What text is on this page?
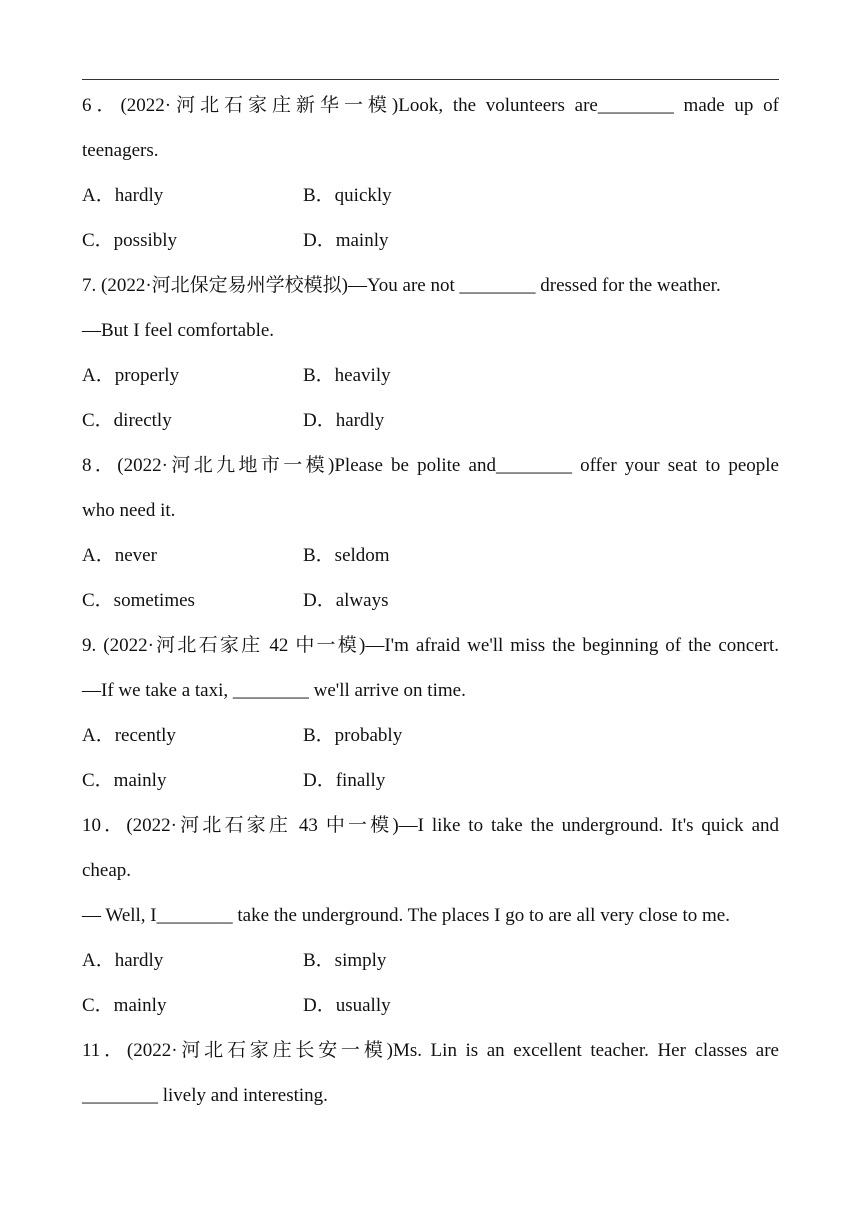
6．(2022·河北石家庄新华一模)Look, the volunteers are________ made up of
teenagers.
A．hardly	B．quickly
C．possibly	D．mainly
7. (2022·河北保定易州学校模拟)—You are not ________ dressed for the weather.
—But I feel comfortable.
A．properly	B．heavily
C．directly	D．hardly
8．(2022·河北九地市一模)Please be polite and________ offer your seat to people
who need it.
A．never	B．seldom
C．sometimes	D．always
9. (2022·河北石家庄 42 中一模)—I'm afraid we'll miss the beginning of the concert.
—If we take a taxi, ________ we'll arrive on time.
A．recently	B．probably
C．mainly	D．finally
10．(2022·河北石家庄 43 中一模)—I like to take the underground. It's quick and
cheap.
— Well, I________ take the underground. The places I go to are all very close to me.
A．hardly	B．simply
C．mainly	D．usually
11．(2022·河北石家庄长安一模)Ms. Lin is an excellent teacher. Her classes are
________ lively and interesting.
